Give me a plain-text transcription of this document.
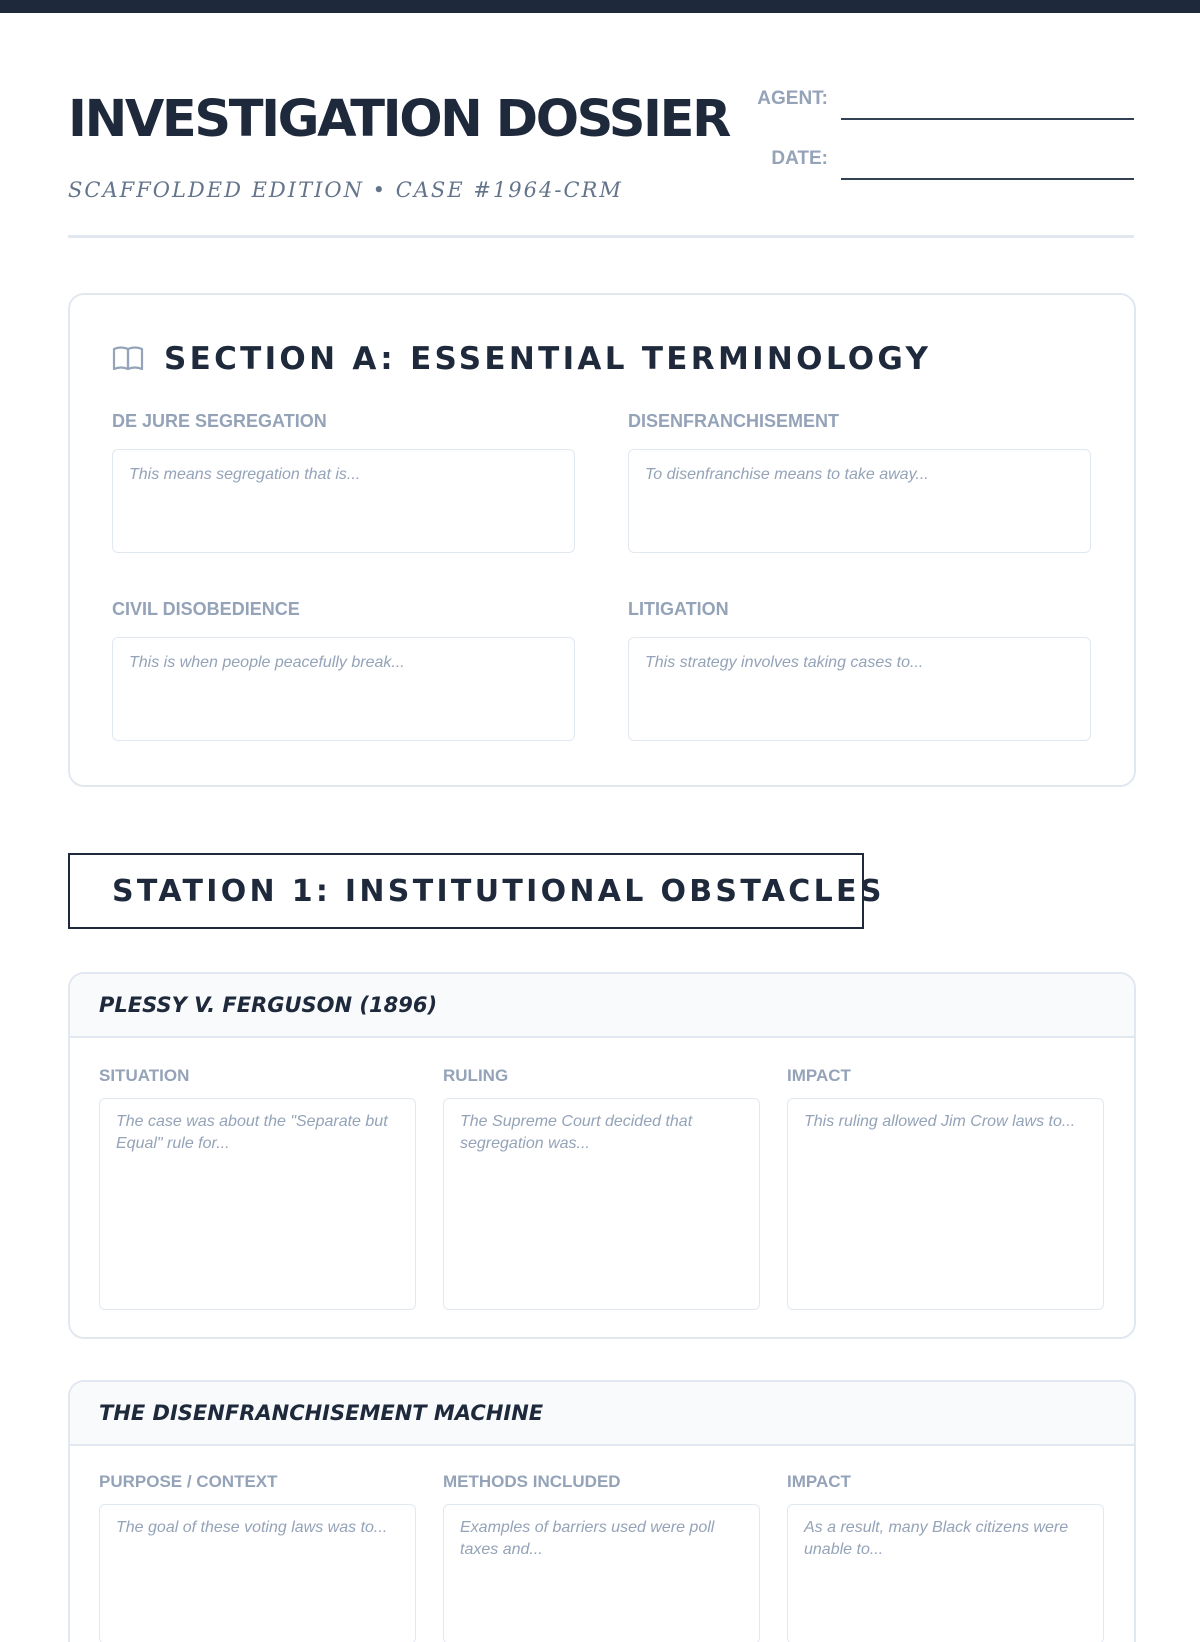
INVESTIGATION DOSSIER
SCAFFOLDED EDITION • CASE #1964-CRM
AGENT:
DATE:
SECTION A: ESSENTIAL TERMINOLOGY
DE JURE SEGREGATION
This means segregation that is...
DISENFRANCHISEMENT
To disenfranchise means to take away...
CIVIL DISOBEDIENCE
This is when people peacefully break...
LITIGATION
This strategy involves taking cases to...
STATION 1: INSTITUTIONAL OBSTACLES
PLESSY V. FERGUSON (1896)
SITUATION
The case was about the "Separate but Equal" rule for...
RULING
The Supreme Court decided that segregation was...
IMPACT
This ruling allowed Jim Crow laws to...
THE DISENFRANCHISEMENT MACHINE
PURPOSE / CONTEXT
The goal of these voting laws was to...
METHODS INCLUDED
Examples of barriers used were poll taxes and...
IMPACT
As a result, many Black citizens were unable to...
